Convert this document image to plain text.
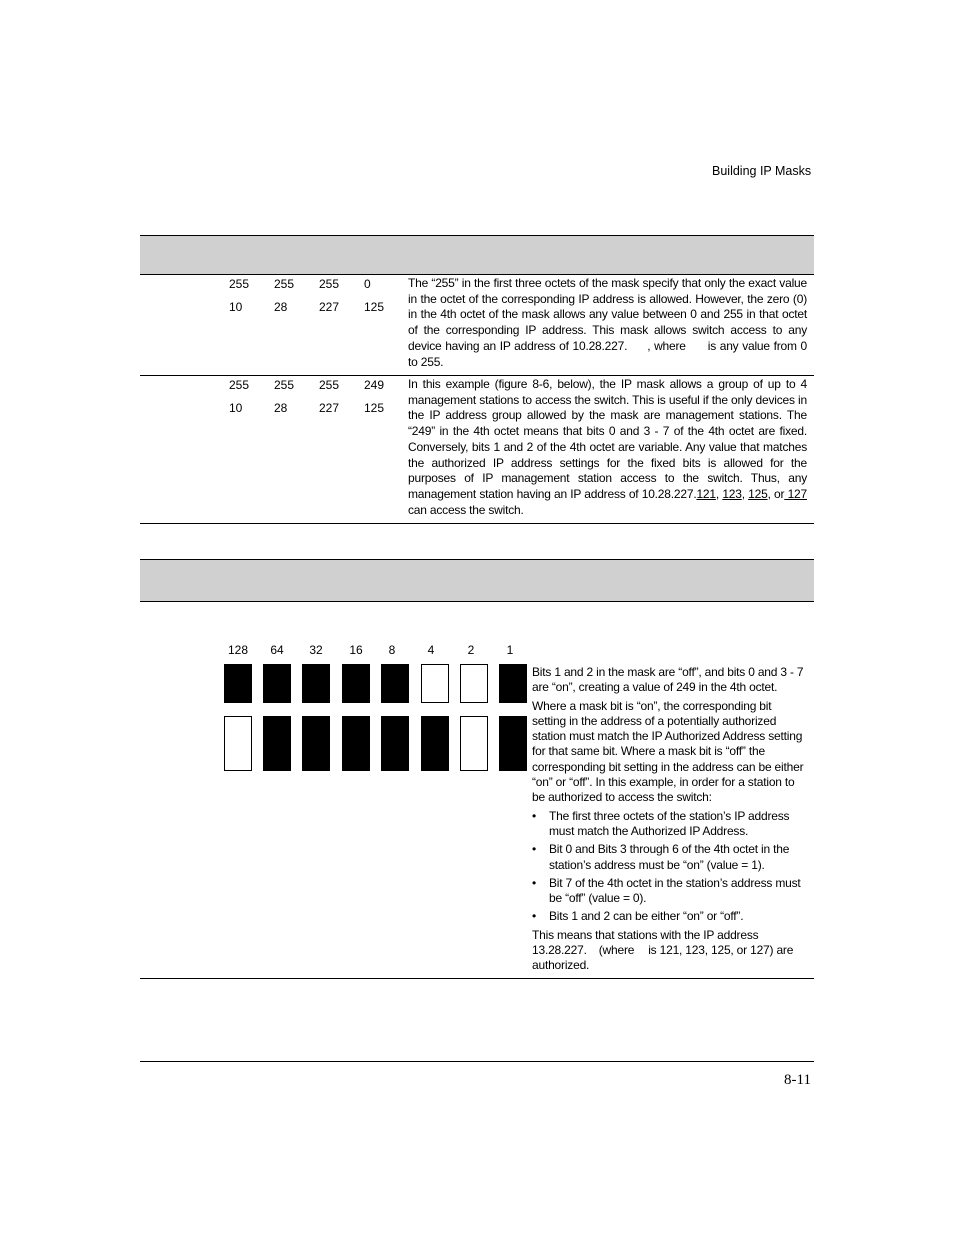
Building IP Masks
255 255 255 0
10	28	227 125
The “255” in the first three octets of the mask specify that only the exact value in the octet of the corresponding IP address is allowed. However, the zero (0) in the 4th octet of the mask allows any value between 0 and 255 in that octet of the corresponding IP address. This mask allows switch access to any device having an IP address of 10.28.227. , where is any value from 0 to 255.
255 255 255 249
10	28	227 125
In this example (figure 8-6, below), the IP mask allows a group of up to 4 management stations to access the switch. This is useful if the only devices in the IP address group allowed by the mask are management stations. The “249” in the 4th octet means that bits 0 and 3 - 7 of the 4th octet are fixed. Conversely, bits 1 and 2 of the 4th octet are variable. Any value that matches the authorized IP address settings for the fixed bits is allowed for the purposes of IP management station access to the switch. Thus, any management station having an IP address of 10.28.227.121, 123, 125, or 127 can access the switch.
128	64	32	16	8	4	2	1

Bits 1 and 2 in the mask are “off”, and bits 0 and 3 - 7 are “on”, creating a value of 249 in the 4th octet.

Where a mask bit is “on”, the corresponding bit setting in the address of a potentially authorized station must match the IP Authorized Address setting for that same bit. Where a mask bit is “off” the corresponding bit setting in the address can be either “on” or “off”. In this example, in order for a station to be authorized to access the switch:

• The first three octets of the station’s IP address must match the Authorized IP Address.
• Bit 0 and Bits 3 through 6 of the 4th octet in the station’s address must be “on” (value = 1).
• Bit 7 of the 4th octet in the station’s address must be “off” (value = 0).
• Bits 1 and 2 can be either “on” or “off”.

This means that stations with the IP address 13.28.227. (where is 121, 123, 125, or 127) are authorized.

8-11
